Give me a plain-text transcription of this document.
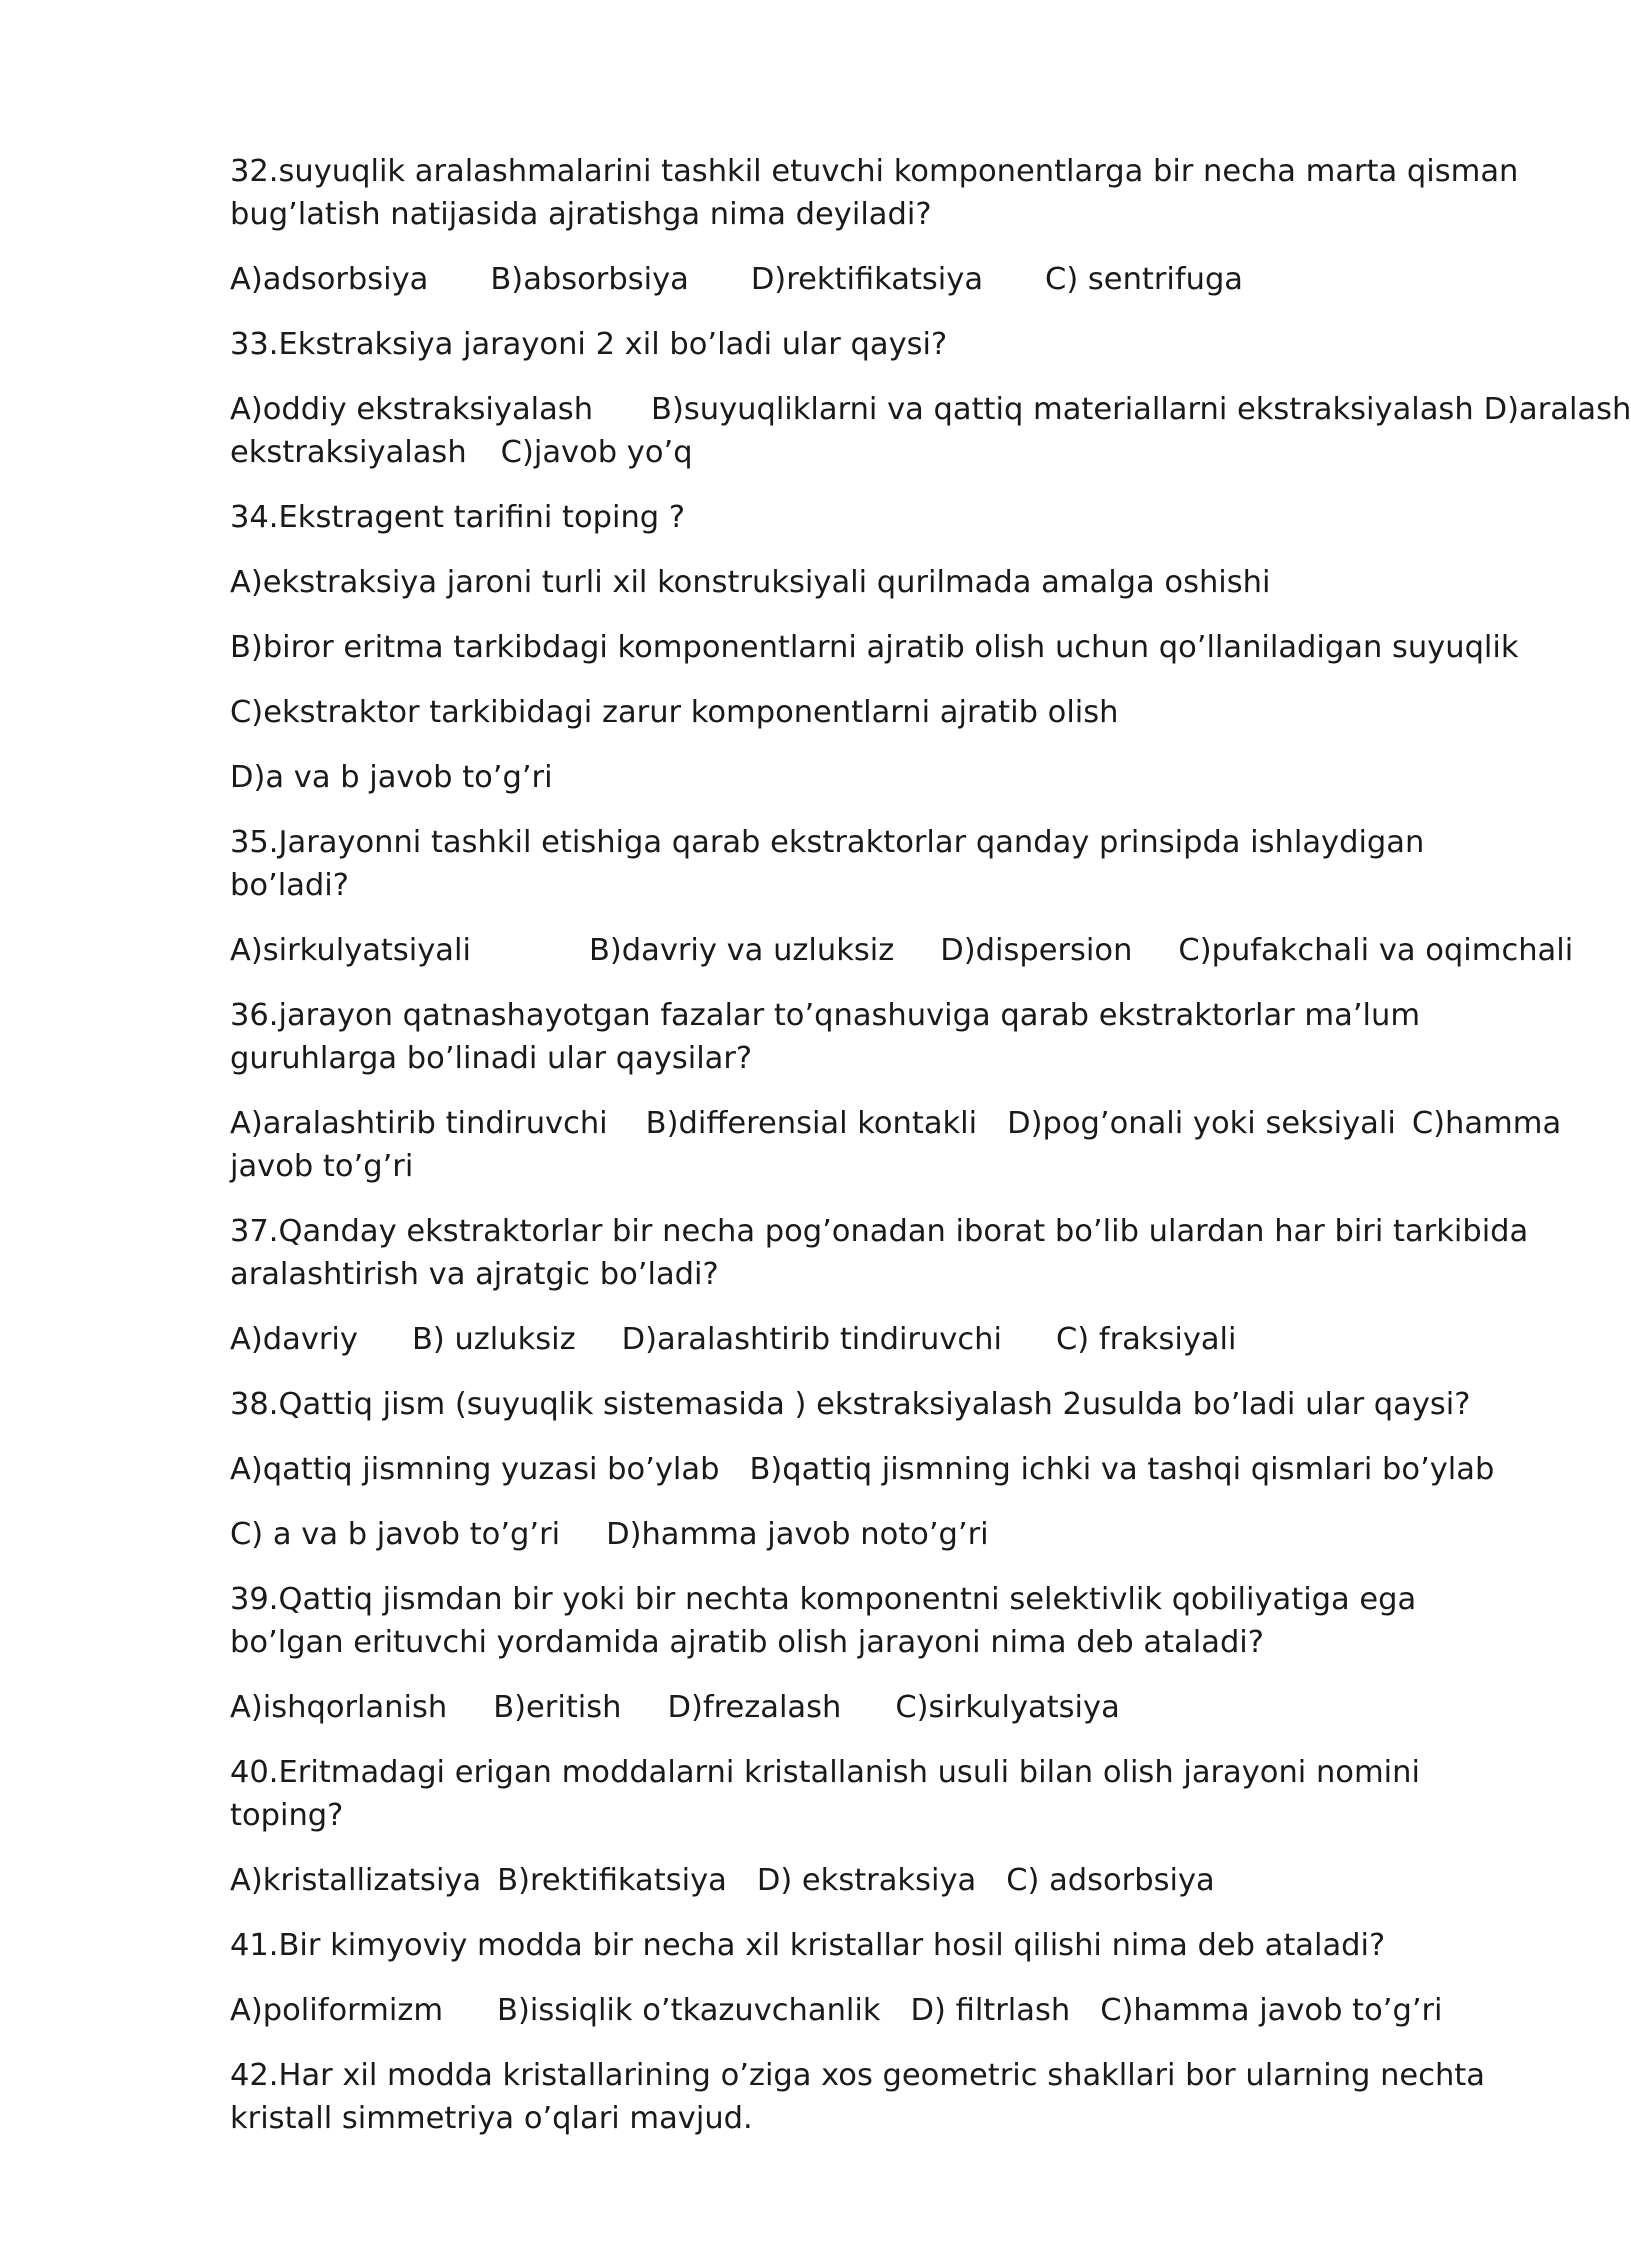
32.suyuqlik aralashmalarini tashkil etuvchi komponentlarga bir necha marta qisman bug’latish natijasida ajratishga nima deyiladi?

A)adsorbsiya B)absorbsiya D)rektifikatsiya C) sentrifuga

33.Ekstraksiya jarayoni 2 xil bo’ladi ular qaysi?

A)oddiy ekstraksiyalash B)suyuqliklarni va qattiq materiallarni ekstraksiyalash D)aralash ekstraksiyalash C)javob yo’q

34.Ekstragent tarifini toping ?

A)ekstraksiya jaroni turli xil konstruksiyali qurilmada amalga oshishi

B)biror eritma tarkibdagi komponentlarni ajratib olish uchun qo’llaniladigan suyuqlik

C)ekstraktor tarkibidagi zarur komponentlarni ajratib olish

D)a va b javob to’g’ri

35.Jarayonni tashkil etishiga qarab ekstraktorlar qanday prinsipda ishlaydigan bo’ladi?

A)sirkulyatsiyali	B)davriy va uzluksiz D)dispersion C)pufakchali va oqimchali

36.jarayon qatnashayotgan fazalar to’qnashuviga qarab ekstraktorlar ma’lum guruhlarga bo’linadi ular qaysilar?

A)aralashtirib tindiruvchi B)differensial kontakli D)pog’onali yoki seksiyali C)hamma javob to’g’ri

37.Qanday ekstraktorlar bir necha pog’onadan iborat bo’lib ulardan har biri tarkibida aralashtirish va ajratgic bo’ladi?

A)davriy B) uzluksiz D)aralashtirib tindiruvchi C) fraksiyali

38.Qattiq jism (suyuqlik sistemasida ) ekstraksiyalash 2usulda bo’ladi ular qaysi?

A)qattiq jismning yuzasi bo’ylab B)qattiq jismning ichki va tashqi qismlari bo’ylab

C) a va b javob to’g’ri D)hamma javob noto’g’ri

39.Qattiq jismdan bir yoki bir nechta komponentni selektivlik qobiliyatiga ega bo’lgan erituvchi yordamida ajratib olish jarayoni nima deb ataladi?

A)ishqorlanish B)eritish D)frezalash C)sirkulyatsiya

40.Eritmadagi erigan moddalarni kristallanish usuli bilan olish jarayoni nomini toping?

A)kristallizatsiya B)rektifikatsiya D) ekstraksiya C) adsorbsiya

41.Bir kimyoviy modda bir necha xil kristallar hosil qilishi nima deb ataladi?

A)poliformizm B)issiqlik o’tkazuvchanlik D) filtrlash C)hamma javob to’g’ri

42.Har xil modda kristallarining o’ziga xos geometric shakllari bor ularning nechta kristall simmetriya o’qlari mavjud.
